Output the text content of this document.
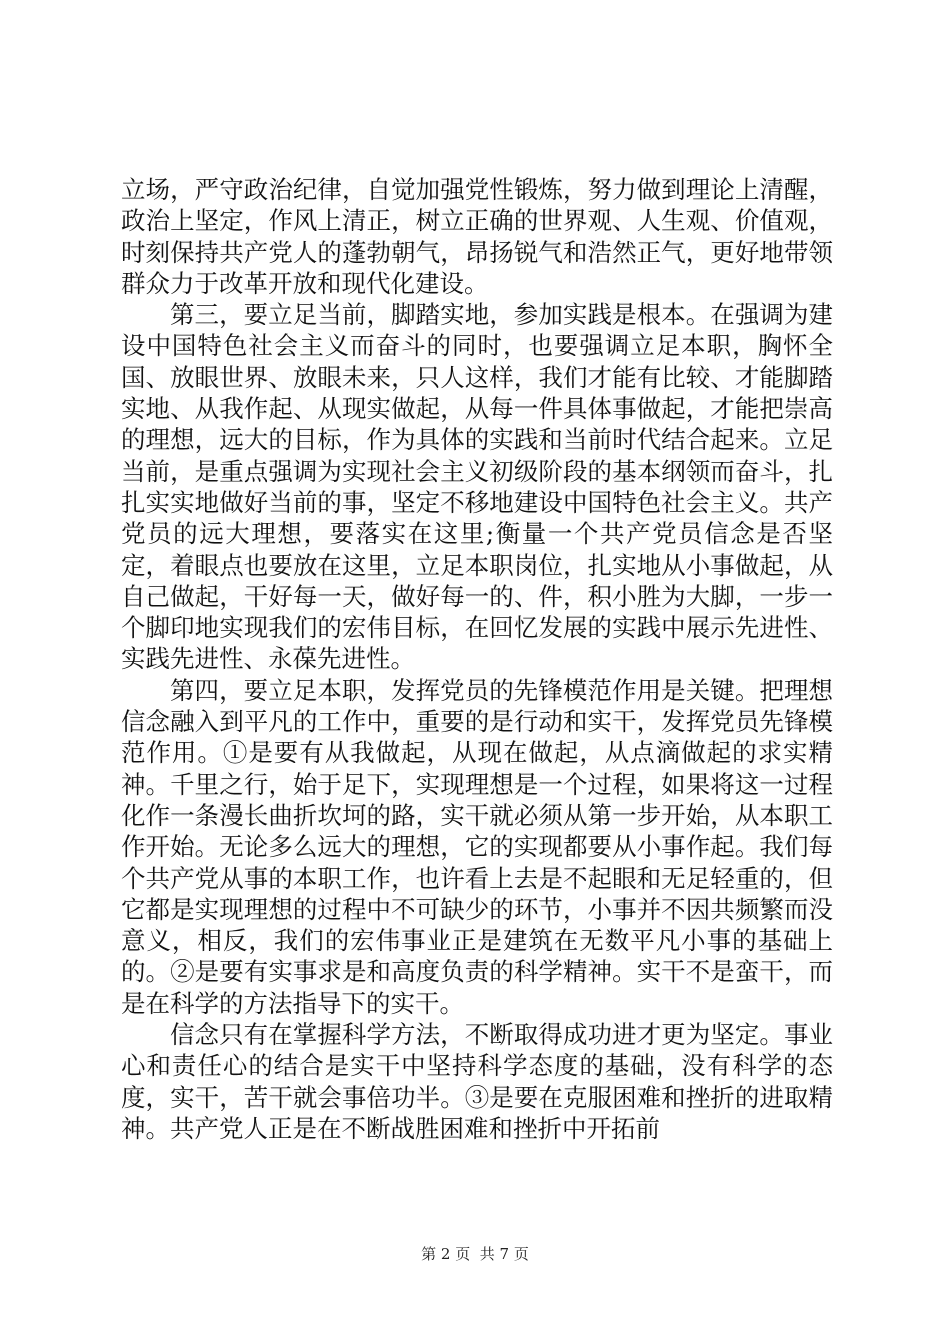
立场，严守政治纪律，自觉加强党性锻炼，努力做到理论上清醒，政治上坚定，作风上清正，树立正确的世界观、人生观、价值观，时刻保持共产党人的蓬勃朝气，昂扬锐气和浩然正气，更好地带领群众力于改革开放和现代化建设。

第三，要立足当前，脚踏实地，参加实践是根本。在强调为建设中国特色社会主义而奋斗的同时，也要强调立足本职，胸怀全国、放眼世界、放眼未来，只人这样，我们才能有比较、才能脚踏实地、从我作起、从现实做起，从每一件具体事做起，才能把崇高的理想，远大的目标，作为具体的实践和当前时代结合起来。立足当前，是重点强调为实现社会主义初级阶段的基本纲领而奋斗，扎扎实实地做好当前的事，坚定不移地建设中国特色社会主义。共产党员的远大理想，要落实在这里;衡量一个共产党员信念是否坚定，着眼点也要放在这里，立足本职岗位，扎实地从小事做起，从自己做起，干好每一天，做好每一的、件，积小胜为大脚，一步一个脚印地实现我们的宏伟目标，在回忆发展的实践中展示先进性、实践先进性、永葆先进性。

第四，要立足本职，发挥党员的先锋模范作用是关键。把理想信念融入到平凡的工作中，重要的是行动和实干，发挥党员先锋模范作用。①是要有从我做起，从现在做起，从点滴做起的求实精神。千里之行，始于足下，实现理想是一个过程，如果将这一过程化作一条漫长曲折坎坷的路，实干就必须从第一步开始，从本职工作开始。无论多么远大的理想，它的实现都要从小事作起。我们每个共产党从事的本职工作，也许看上去是不起眼和无足轻重的，但它都是实现理想的过程中不可缺少的环节，小事并不因共频繁而没意义，相反，我们的宏伟事业正是建筑在无数平凡小事的基础上的。②是要有实事求是和高度负责的科学精神。实干不是蛮干，而是在科学的方法指导下的实干。

信念只有在掌握科学方法，不断取得成功进才更为坚定。事业心和责任心的结合是实干中坚持科学态度的基础，没有科学的态度，实干，苦干就会事倍功半。③是要在克服困难和挫折的进取精神。共产党人正是在不断战胜困难和挫折中开拓前

第 2 页  共 7 页
